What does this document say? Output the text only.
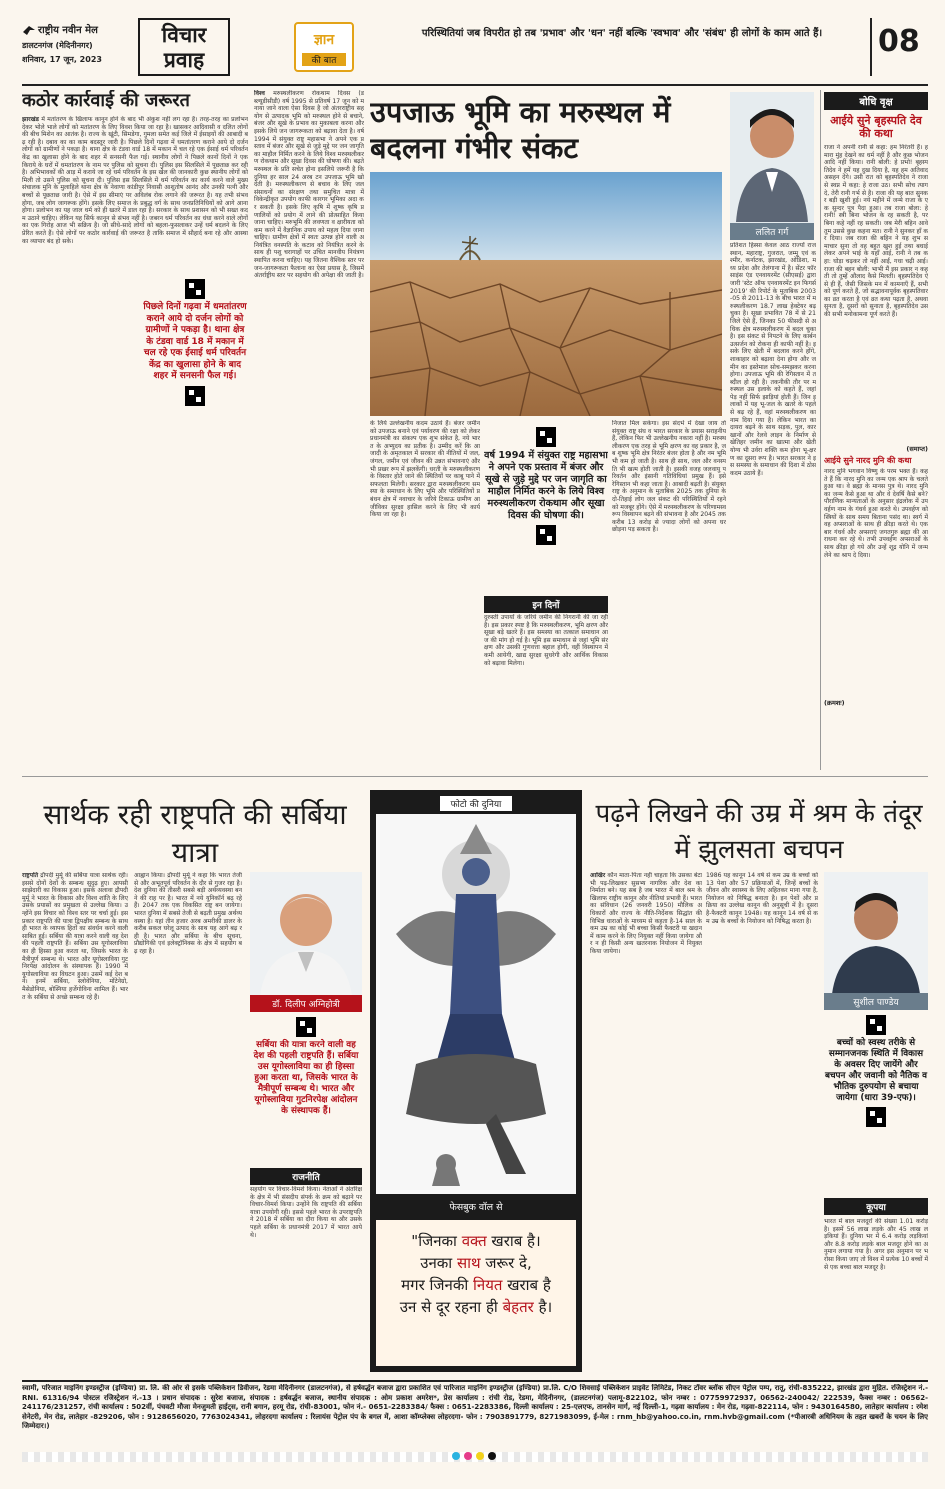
राष्ट्रीय नवीन मेल
डालटनगंज (मेदिनीनगर)
शनिवार, 17 जून, 2023
विचार प्रवाह
ज्ञान
की बात
परिस्थितियां जब विपरीत हो तब 'प्रभाव' और 'धन' नहीं बल्कि 'स्वभाव' और 'संबंध' ही लोगों के काम आते हैं।	08
कठोर कार्रवाई की जरूरत
झारखंड में मतांतरण के खिलाफ कानून होने के बाद भी अंकुश नहीं लग रहा है। तरह-तरह का प्रलोभन देकर भोले भाले लोगों को मतांतरण के लिए विवश किया जा रहा है। खासकर आदिवासी व दलित लोगों की बीच मिशेन का आतंक है। राज्य के खूंटी, सिमडेगा, गुमला समेत कई जिले में ईसाइयों की आबादी बढ़ रही है। दबाव का का काम बदस्तूर जारी है। पिछले दिनों गढ़वा में धमतांतरण कराने आये दो दर्जन लोगों को ग्रामीणों ने पकड़ा है। थाना क्षेत्र के टंडवा वार्ड 18 में मकान में चल रहे एक ईसाई धर्म परिवर्तन केंद्र का खुलासा होने के बाद शहर में सनसनी फैल गई। स्थानीय लोगों ने पिछले कानों दिनों ने एक किराये के घरों में धमतांतरण के नाम पर पुलिस को सूचना दी। पुलिस इस सिलसिले में पूछताछ कर रही है। अभिभावकों की आड़ में कराये जा रहे धर्म परिवर्तन के इस खेल की जानकारी कुछ स्थानीय लोगों को मिली तो उसने पुलिस को सूचना दी। पुलिस इस सिलसिले में धर्म परिवर्तन का कार्य करने वाले मुख्य संचालक मुनि के मुलाहिले थाना क्षेत्र के नेवाणा कांडीपुर निवासी आशुतोष आनंद और उनकी पत्नी और बच्चों से पूछताछ जारी है। ऐसे में इस सीमाएं पर अविलंब रोक लगाने की जरूरत है। यह तभी संभव होगा, जब लोग जागरूक होंगे। इसके लिए समाज के प्रबुद्ध वर्ग के साथ जनप्रतिनिधियों को आगे आना होगा। प्रलोभन का यह जाल धर्म को ही खतरे में डाल रहा है। सरकार के साथ प्रशासन को भी सख्त कदम उठाने चाहिए। लेकिन यह सिर्फ कानून से संभव नहीं है। जबरन धर्म परिवर्तन का धंधा करने वाले लोगों का एक गिरोह आज भी सक्रिय है। जो सीधे-सादे लोगों को बहला-फुसलाकर उन्हें धर्म बदलने के लिए प्रेरित करते हैं। ऐसे लोगों पर कठोर कार्रवाई की जरूरत है ताकि समाज में सौहार्द बना रहे और आस्था का व्यापार बंद हो सके।
पिछले दिनों गढ़वा में धमतांतरण कराने आये दो दर्जन लोगों को ग्रामीणों ने पकड़ा है। थाना क्षेत्र के टंडवा वार्ड 18 में मकान में चल रहे एक ईसाई धर्म परिवर्तन केंद्र का खुलासा होने के बाद शहर में सनसनी फैल गई।
विश्व मरुस्थलीकरण रोकथाम दिवस (डब्ल्यूडीसीडी) वर्ष 1995 से प्रतिवर्ष 17 जून को मनाया जाने वाला ऐसा दिवस है जो अंतरराष्ट्रीय सहयोग से उत्पादक भूमि को मरुस्थल होने से बचाने, बंजर और सूखे के प्रभाव का मुकाबला करना और इसके लिये जन जागरूकता को बढ़ावा देता है। वर्ष 1994 में संयुक्त राष्ट्र महासभा ने अपने एक प्रस्ताव में बंजर और सूखे से जुड़े मुद्दे पर जन जागृति का माहौल निर्मित करने के लिये विश्व मरुस्थलीकरण रोकथाम और सूखा दिवस की घोषणा की। बढ़ते मरुस्थल के प्रति सचेत होना इसलिये जरूरी है कि दुनिया हर साल 24 अरब टन उपजाऊ भूमि खो देती है। मरुस्थलीकरण से बचाव के लिए जल संसाधनों का संरक्षण तथा समुचित मात्रा में विकेन्द्रीकृत उपयोग काफी कारगर भूमिका अदा कर सकती है। इसके लिए कृषि में शुष्क कृषि प्रणालियों को प्रयोग में लाने की प्रोत्साहित किया जाना चाहिए। मरुभूमि की लवणता व क्षारीयता को कम करने में वैज्ञानिक उपाय को महत्व दिया जाना चाहिए। ग्रामीण क्षेत्रों में स्वतः उत्पन्न होने वाली अनियंत्रित वनस्पति के कटाव को नियंत्रित करने के साथ ही पशु चरागाहों पर उचित मानवीय नियंत्रण स्थापित करना चाहिए। यह जितना वैश्विक स्तर पर जन-जागरूकता फैलाना का ऐसा प्रयास है, जिसमें अंतर्राष्ट्रीय स्तर पर सहयोग की अपेक्षा की जाती है।
उपजाऊ भूमि का मरुस्थल में बदलना गंभीर संकट
ललित गर्ग
प्रतिशत हिस्सा केवल आठ राज्यों राजस्थान, महाराष्ट्र, गुजरात, जम्मू एवं कश्मीर, कर्नाटक, झारखंड, ओडिशा, मध्य प्रदेश और तेलंगाना में है। सेंटर फॉर साइंस एंड एनवायरमेंट (सीएसई) द्वारा जारी 'स्टेट ऑफ एनवायरमेंट इन फिगर्स 2019' की रिपोर्ट के मुताबिक 2003-05 से 2011-13 के बीच भारत में मरुस्थलीकरण 18.7 लाख हेक्टेयर बढ़ चुका है। सूखा प्रभावित 78 में से 21 जिले ऐसे हैं, जिनका 50 फीसदी से अधिक क्षेत्र मरुस्थलीकरण में बदल चुका है। इस संकट से निपटने के लिए कार्बन उत्सर्जन को रोकना ही काफी नहीं है। इसके लिए खेती में बदलाव करने होंगे, शाकाहार को बढ़ावा देना होगा और जमीन का इस्तेमाल सोच-समझकर करना होगा। उपजाऊ भूमि की रेगिस्तान में तब्दील हो रही है। तकनीकी तौर पर मरुस्थल उस इलाके को कहते हैं, जहां पेड़ नहीं सिर्फ झाड़ियां होती हैं। जिन इलाकों में यह भू-जल के खतरे के पहले से बढ़ रहे हैं, वहां मरुस्थलीकरण का नाम दिया गया है। लेकिन भारत का दायरा बढ़ने के साथ सड़क, पुल, कारखानों और रेलवे लाइन के निर्माण से खेतिहर जमीन का खात्मा और खेती योग्य भी उर्वरा शक्ति कम होना भू-क्षरण का दूसरा रूप है। भारत सरकार ने इस समस्या के समाधान की दिशा में ठोस कदम उठाये हैं।
के लिये उल्लेखनीय कदम उठाये हैं। बंजर जमीन को उपजाऊ बनाने एवं पर्यावरण की रक्षा को लेकर प्रधानमंत्री का संकल्प एक शुभ संकेत है, नये भारत के अभ्युदय का प्रतीक है। उम्मीद करें कि आजादी के अमृतकाल में सरकार की नीतियों में जल, जंगल, जमीन एवं जीवन की उन्नत संभावनाएं और भी प्रखर रूप में झलकेंगी। धरती के मरुस्थलीकरण के विस्तार होते जाने की स्थितियों पर काबू पाने में सफलता मिलेगी। सरकार द्वारा मरुस्थलीकरण समस्या के समाधान के लिए भूमि और परिस्थितियों प्रबंधन क्षेत्र में नवाचार के जरिये टिकाऊ ग्रामीण आजीविका सुरक्षा हासिल करने के लिए भी कार्य किया जा रहा है।
वर्ष 1994 में संयुक्त राष्ट्र महासभा ने अपने एक प्रस्ताव में बंजर और सूखे से जुड़े मुद्दे पर जन जागृति का माहौल निर्मित करने के लिये विश्व मरुस्थलीकरण रोकथाम और सूखा दिवस की घोषणा की।
इन दिनों
दुरुस्ती उपायों के जरिये जमीन की निगरानी की जा रही है। इस प्रकार स्पष्ट है कि मरुस्थलीकरण, भूमि क्षरण और सूखा बड़े खतरे हैं। इस समस्या का तत्काल समाधान आज की मांग हो गई है। भूमि इस समाधान से जहां भूमि संरक्षण और उसकी गुणवत्ता बहाल होगी, वहीं विस्थापन में कमी आयेगी, खाद्य सुरक्षा सुधरेगी और आर्थिक विकास को बढ़ावा मिलेगा।
निजात मिल सकेगा। इस संदर्भ में देखा जाय तो संयुक्त राष्ट्र संघ व भारत सरकार के प्रयास सराहनीय हैं, लेकिन फिर भी उल्लेखनीय नकारा नहीं है। मरुस्थलीकरण एक तरह से भूमि क्षरण का वह प्रकार है, जब शुष्क भूमि क्षेत्र निरंतर बंजर होता है और नम भूमि भी कम हो जाती है। साथ ही साथ, जल और वनस्पति भी खत्म होती जाती है। इसकी वजह जलवायु परिवर्तन और इंसानी गतिविधियां प्रमुख हैं। इसे रेगिस्तान भी कहा जाता है। आबादी बढ़ती है। संयुक्त राष्ट्र के अनुमान के मुताबिक 2025 तक दुनिया के दो-तिहाई लोग जल संकट की परिस्थितियों में रहने को मजबूर होंगे। ऐसे में मरुस्थलीकरण के परिणामस्वरूप विस्थापन बढ़ने की संभावना है और 2045 तक करीब 13 करोड़ से ज्यादा लोगों को अपना घर छोड़ना पड़ सकता है।
बोधि वृक्ष
आईये सुने बृहस्पति देव की कथा
राजा ने अपनी रानी से कहा: हम निरंतरी हैं। हमारा मुंह देखने का धर्म नहीं है और कुछ भोजन आदि नहीं किया। रानी बोली: हे प्रभो! बृहस्पतिदेव ने हमें यह दुख दिया है, यह हम अतिवाद असहन देंगे। उसी रात को बृहस्पतिदेव ने राजा से स्वप्न में कहा: हे राजा उठ। सभी सोच त्याग दे, तेरी रानी गर्भ से है। राजा की यह बात सुनकर बड़ी खुशी हुई। नये महीने में जन्मे राजा के एक सुन्दर पुत्र पैदा हुआ। तब राजा बोला: हे रानी! स्त्री बिना भोजन के रह सकती है, पर बिना कहे नहीं रह सकती। जब मेरी बहिन आवे तुम उससे कुछ कहना मत। रानी ने सुनकर हाँ कर दिया। जब राजा की बहिन ने यह शुभ समाचार सुना तो वह बहुत खुश हुई तथा बधाई लेकर अपने भाई के यहाँ आई, रानी ने तब कहा: घोड़ा चढ़कर तो नहीं आईं, गधा चढ़ी आई। राजा की बहन बोली: भाभी मैं इस प्रकार न कहती तो तुम्हें औलाद कैसे मिलती। बृहस्पतिदेव ऐसे ही हैं, जैसी जिसके मन में कामनाएँ हैं, सभी को पूर्ण करते हैं, जो सद्भावनापूर्वक बृहस्पतिवार का व्रत करता है एवं व्रत कथा पढ़ता है, अथवा सुनता है, दूसरों को सुनाता है, बृहस्पतिदेव उसकी सभी मनोकामना पूर्ण करते हैं।
(समाप्त)
आईये सुने नारद मुनि की कथा
नारद मुनि भगवान विष्णु के परम भक्त हैं। कहते हैं कि नारद मुनि का जन्म एक श्राप के चलते हुआ था। वे ब्रह्मा के मानस पुत्र थे। नारद मुनि का जन्म कैसे हुआ था और वे देवर्षि कैसे बने? पौराणिक मान्यताओं के अनुसार इंद्रलोक में उपवर्हण नाम के गंधर्व हुआ करते थे। उपवर्हण को स्त्रियों के साथ समय बिताना पसंद था। स्वर्ग में वह अप्सराओं के साथ ही क्रीड़ा करते थे। एक बार गंधर्व और अप्सराएं जगतगुरु ब्रह्मा की आराधना कर रहे थे। तभी उपवर्हण अप्सराओं के साथ क्रीड़ा हो गये और उन्हें शूद्र योनि में जन्म लेने का श्राप दे दिया।
(क्रमशः)
सार्थक रही राष्ट्रपति की सर्बिया यात्रा
राष्ट्रपति द्रौपदी मुर्मू की सर्बिया यात्रा सार्थक रही। इससे दोनों देशों के सम्बन्ध सुदृढ़ हुए। आपसी साझेदारी का विकास हुआ। इसके अलावा द्रौपदी मुर्मू ने भारत के विकास और विश्व शांति के लिए उसके प्रयासों का प्रमुखता से उल्लेख किया। उन्होंने इस विचार को विश्व स्तर पर चर्चा हुई। इस प्रकार राष्ट्रपति की यात्रा द्विपक्षीय सम्बन्ध के साथ ही भारत के व्यापक हितों का संवर्धन करने वाली साबित हुई। सर्बिया की यात्रा करने वाली वह देश की पहली राष्ट्रपति हैं। सर्बिया उस यूगोस्लाविया का ही हिस्सा हुआ करता था, जिसके भारत के मैत्रीपूर्ण सम्बन्ध थे। भारत और यूगोस्लाविया गुटनिरपेक्ष आंदोलन के संस्थापक हैं। 1990 में यूगोस्लाविया का विघटन हुआ। उसमें कई देश बने। इनमें सर्बिया, स्लोवेनिया, मोंटेनेग्रो, मैसेडोनिया, बोस्निया हर्जेगोविना शामिल हैं। भारत के सर्बिया से अच्छे सम्बन्ध रहे हैं।
आह्वान किया। द्रौपदी मुर्मू ने कहा कि भारत तेजी से और अभूतपूर्व परिवर्तन के दौर से गुजर रहा है। देश दुनिया की तीसरी सबसे बड़ी अर्थव्यवस्था बनने की राह पर है। भारत में नये युनिकॉर्न बढ़ रहे हैं। 2047 तक एक विकसित राष्ट्र बन जायेगा। भारत दुनिया में सबसे तेजी से बढ़ती प्रमुख अर्थव्यवस्था है। यहां तीन हजार अरब अमरीकी डालर के करीब सकल घरेलू उत्पाद के साथ यह आगे बढ़ रही है। भारत और सर्बिया के बीच सूचना, प्रौद्योगिकी एवं इलेक्ट्रॉनिक्स के क्षेत्र में सहयोग बढ़ रहा है।
डॉ. दिलीप अग्निहोत्री
सर्बिया की यात्रा करने वाली वह देश की पहली राष्ट्रपति हैं। सर्बिया उस यूगोस्लाविया का ही हिस्सा हुआ करता था, जिसके भारत के मैत्रीपूर्ण सम्बन्ध थे। भारत और यूगोस्लाविया गुटनिरपेक्ष आंदोलन के संस्थापक हैं।
राजनीति
सहयोग पर विचार-विमर्श किया। नेताओं ने अंतरिक्ष के क्षेत्र में भी संसदीय संपर्क के क्रम को बढ़ाने पर विचार-विमर्श किया। उन्होंने कि राष्ट्रपति की सर्बिया यात्रा उपयोगी रही। इससे पहले भारत के उपराष्ट्रपति ने 2018 में सर्बिया का दौरा किया था और उसके पहले सर्बिया के प्रधानमंत्री 2017 में भारत आये थे।
फोटो की दुनिया
फेसबुक वॉल से
"जिनका वक्त खराब है।
उनका साथ जरूर दे,
मगर जिनकी नियत खराब है
उन से दूर रहना ही बेहतर है।
पढ़ने लिखने की उम्र में श्रम के तंदूर में झुलसता बचपन
आखिर कौन माता-पिता नहीं चाहता कि उसका बेटा भी पढ़-लिखकर सुसभ्य नागरिक और देश का निर्माता बने। यह सब है जब भारत में बाल श्रम के खिलाफ राष्ट्रीय कानून और नीतियां प्रभावी हैं। भारत का संविधान (26 जनवरी 1950) मौलिक अधिकारों और राज्य के नीति-निर्देशक सिद्धांत की विभिन्न धाराओं के माध्यम से कहता है-14 साल के कम उम्र का कोई भी बच्चा किसी फैक्टरी या खदान में काम करने के लिए नियुक्त नहीं किया जायेगा और न ही किसी अन्य खतरनाक नियोजन में नियुक्त किया जायेगा।
1986 यह कानून 14 वर्ष से कम उम्र के बच्चों को 13 पेशा और 57 प्रक्रियाओं में, जिन्हें बच्चों के जीवन और स्वास्थ्य के लिए अहितकर माना गया है, नियोजन को निषिद्ध बनाता है। इन पेशों और प्रक्रिया का उल्लेख कानून की अनुसूची में है। दूसरा है-फैक्टरी कानून 1948। यह कानून 14 वर्ष से कम उम्र के बच्चों के नियोजन को निषिद्ध करता है।
सुशील पाण्डेय
बच्चों को स्वस्थ तरीके से सम्मानजनक स्थिति में विकास के अवसर दिए जायेंगे और बचपन और जवानी को नैतिक व भौतिक दुरुपयोग से बचाया जायेगा (धारा 39-एफ)।
कूपया
भारत में बाल मजदूरों की संख्या 1.01 करोड़ है। इसमें 56 लाख लड़के और 45 लाख लड़कियां हैं। दुनिया भर में 6.4 करोड़ लड़कियां और 8.8 करोड़ लड़के बाल मजदूर होने का अनुमान लगाया गया है। अगर इस अनुमान पर भरोसा किया जाए तो विश्व में प्रत्येक 10 बच्चों में से एक बच्चा बाल मजदूर है।
स्वामी, परिजात माइनिंग इण्डस्ट्रीज (इण्डिया) प्रा. लि. की ओर से इसके पब्लिकेशन डिवीजन, रेडमा मेदिनीनगर (डालटनगंज), से हर्षवर्द्धन बजाज द्वारा प्रकाशित एवं पारिजात माइनिंग इण्डस्ट्रीज (इण्डिया) प्रा.लि. C/O शिवसाई पब्लिकेशन प्राइवेट लिमिटेड, निकट टॉवर ब्लॉक सीएन पेट्रोल पम्प, रातू, रांची-835222, झारखंड द्वारा मुद्रित. रजिस्ट्रेशन नं.- RNI. 61316/94 पोस्टल रजिस्ट्रेशन नं.-13 । प्रधान संपादक : सुरेश बजाज, संपादक : हर्षवर्द्धन बजाज, स्थानीय संपादक : ओम प्रकाश अमरेश*, प्रेस कार्यालय : रांची रोड, रेडमा, मेदिनीनगर, (डालटनगंज) पलामू-822102, फोन नम्बर : 07759972937, 06562-240042/ 222539, फैक्स नम्बर : 06562-241176/231257, रांची कार्यालय : 502वीं, पंचवटी मौजा मेनजुमती हाईट्स, रानी बगान, हरमू रोड, रांची-83001, फोन नं.- 0651-2283384/ फैक्स : 0651-2283386, दिल्ली कार्यालय : 25-एलएफ, तानसेन मार्ग, नई दिल्ली-1, गढ़वा कार्यालय : मेन रोड, गढ़वा-822114, फोन : 9430164580, लातेहार कार्यालय : रमेश सेनेटरी, मेन रोड, लातेहार -829206, फोन : 9128656020, 7763024341, लोहरदगा कार्यालय : रिलायंस पेट्रोल पंप के बगल में, आशा कॉम्प्लेक्स लोहरदगा- फोन : 7903891779, 8271983099, ई-मेल : rnm_hb@yahoo.co.in, rnm.hvb@gmail.com (*पीआरबी अधिनियम के तहत खबरों के चयन के लिए जिम्मेदार।)
